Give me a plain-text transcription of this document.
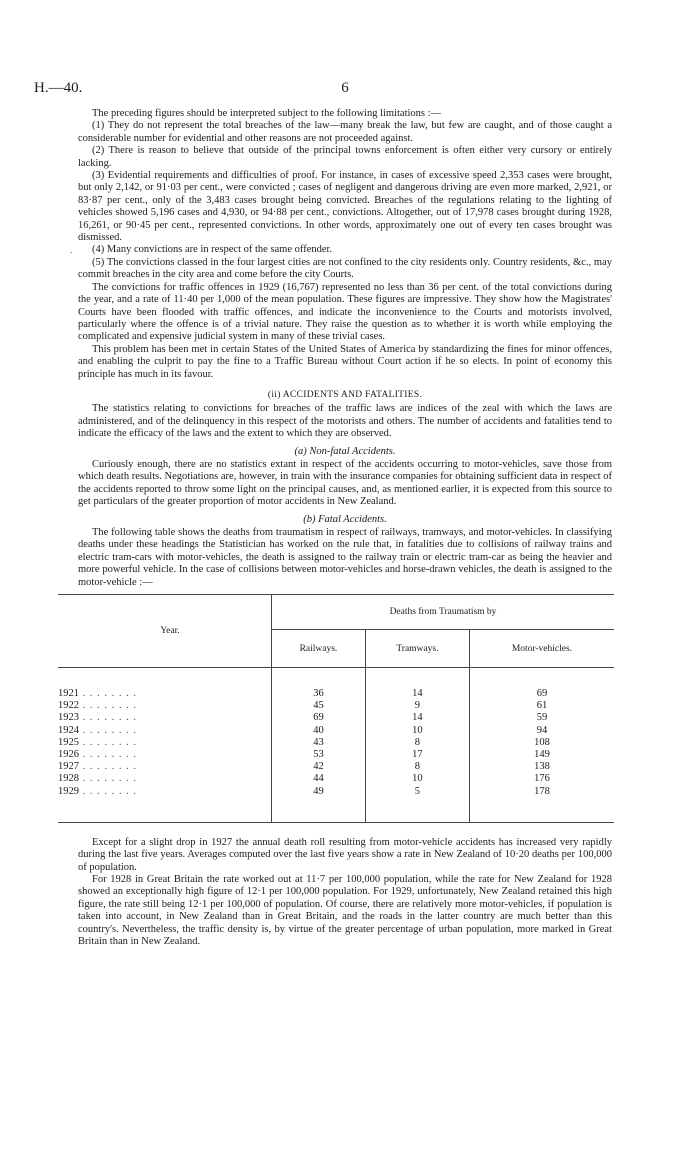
H.—40.	6

The preceding figures should be interpreted subject to the following limitations :—

(1) They do not represent the total breaches of the law—many break the law, but few are caught, and of those caught a considerable number for evidential and other reasons are not proceeded against.

(2) There is reason to believe that outside of the principal towns enforcement is often either very cursory or entirely lacking.

(3) Evidential requirements and difficulties of proof. For instance, in cases of excessive speed 2,353 cases were brought, but only 2,142, or 91·03 per cent., were convicted ; cases of negligent and dangerous driving are even more marked, 2,921, or 83·87 per cent., only of the 3,483 cases brought being convicted. Breaches of the regulations relating to the lighting of vehicles showed 5,196 cases and 4,930, or 94·88 per cent., convictions. Altogether, out of 17,978 cases brought during 1928, 16,261, or 90·45 per cent., represented convictions. In other words, approximately one out of every ten cases brought was dismissed.

. (4) Many convictions are in respect of the same offender.

(5) The convictions classed in the four largest cities are not confined to the city residents only. Country residents, &c., may commit breaches in the city area and come before the city Courts.

The convictions for traffic offences in 1929 (16,767) represented no less than 36 per cent. of the total convictions during the year, and a rate of 11·40 per 1,000 of the mean population. These figures are impressive. They show how the Magistrates' Courts have been flooded with traffic offences, and indicate the inconvenience to the Courts and motorists involved, particularly where the offence is of a trivial nature. They raise the question as to whether it is worth while employing the complicated and expensive judicial system in many of these trivial cases.

This problem has been met in certain States of the United States of America by standardizing the fines for minor offences, and enabling the culprit to pay the fine to a Traffic Bureau without Court action if he so elects. In point of economy this principle has much in its favour.

(ii) ACCIDENTS AND FATALITIES.

The statistics relating to convictions for breaches of the traffic laws are indices of the zeal with which the laws are administered, and of the delinquency in this respect of the motorists and others. The number of accidents and fatalities tend to indicate the efficacy of the laws and the extent to which they are observed.

(a) Non-fatal Accidents.

Curiously enough, there are no statistics extant in respect of the accidents occurring to motor-vehicles, save those from which death results. Negotiations are, however, in train with the insurance companies for obtaining sufficient data in respect of the accidents reported to throw some light on the principal causes, and, as mentioned earlier, it is expected from this source to get particulars of the greater proportion of motor accidents in New Zealand.

(b) Fatal Accidents.

The following table shows the deaths from traumatism in respect of railways, tramways, and motor-vehicles. In classifying deaths under these headings the Statistician has worked on the rule that, in fatalities due to collisions of railway trains and electric tram-cars with motor-vehicles, the death is assigned to the railway train or electric tram-car as being the heavier and more powerful vehicle. In the case of collisions between motor-vehicles and horse-drawn vehicles, the death is assigned to the motor-vehicle :—

Year.	Deaths from Traumatism by		
	Railways.	Tramways.	Motor-vehicles.

1921 . . . . . . . .	36	14	69
1922 . . . . . . . .	45	9	61
1923 . . . . . . . .	69	14	59
1924 . . . . . . . .	40	10	94
1925 . . . . . . . .	43	8	108
1926 . . . . . . . .	53	17	149
1927 . . . . . . . .	42	8	138
1928 . . . . . . . .	44	10	176
1929 . . . . . . . .	49	5	178

Except for a slight drop in 1927 the annual death roll resulting from motor-vehicle accidents has increased very rapidly during the last five years. Averages computed over the last five years show a rate in New Zealand of 10·20 deaths per 100,000 of population.

For 1928 in Great Britain the rate worked out at 11·7 per 100,000 population, while the rate for New Zealand for 1928 showed an exceptionally high figure of 12·1 per 100,000 population. For 1929, unfortunately, New Zealand retained this high figure, the rate still being 12·1 per 100,000 of population. Of course, there are relatively more motor-vehicles, if population is taken into account, in New Zealand than in Great Britain, and the roads in the latter country are much better than this country's. Nevertheless, the traffic density is, by virtue of the greater percentage of urban population, more marked in Great Britain than in New Zealand.
